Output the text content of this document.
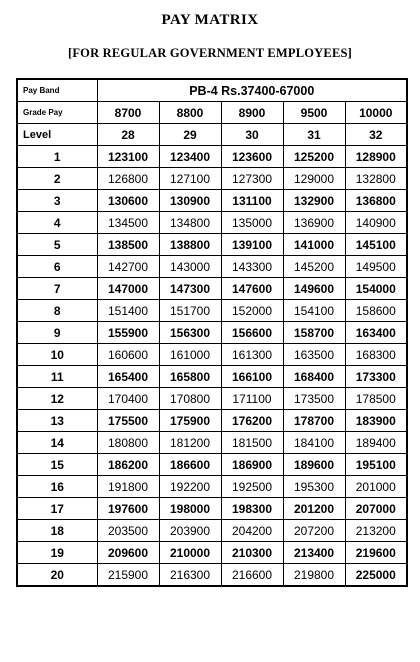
PAY MATRIX
[FOR REGULAR GOVERNMENT EMPLOYEES]
Pay Band	PB-4 Rs.37400-67000				
Grade Pay	8700	8800	8900	9500	10000
Level	28	29	30	31	32
1	123100	123400	123600	125200	128900
2	126800	127100	127300	129000	132800
3	130600	130900	131100	132900	136800
4	134500	134800	135000	136900	140900
5	138500	138800	139100	141000	145100
6	142700	143000	143300	145200	149500
7	147000	147300	147600	149600	154000
8	151400	151700	152000	154100	158600
9	155900	156300	156600	158700	163400
10	160600	161000	161300	163500	168300
11	165400	165800	166100	168400	173300
12	170400	170800	171100	173500	178500
13	175500	175900	176200	178700	183900
14	180800	181200	181500	184100	189400
15	186200	186600	186900	189600	195100
16	191800	192200	192500	195300	201000
17	197600	198000	198300	201200	207000
18	203500	203900	204200	207200	213200
19	209600	210000	210300	213400	219600
20	215900	216300	216600	219800	225000
